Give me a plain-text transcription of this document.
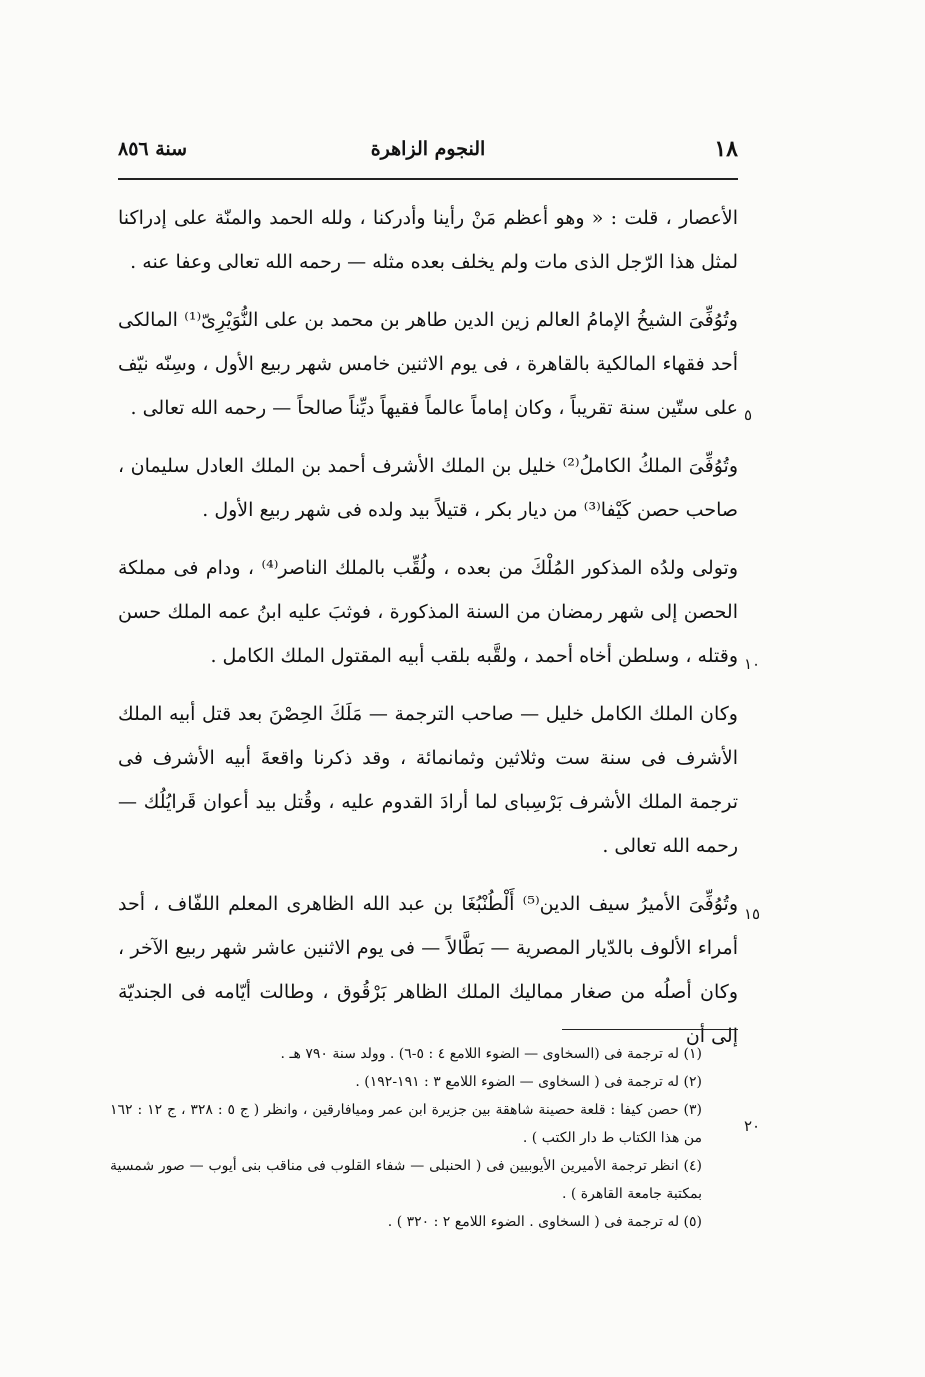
١٨
النجوم الزاهرة
سنة ٨٥٦
٥
١٠
١٥
٢٠

الأعصار ، قلت : « وهو أعظم مَنْ رأينا وأدركنا ، ولله الحمد والمنّة على إدراكنا لمثل هذا الرّجل الذى مات ولم يخلف بعده مثله — رحمه الله تعالى وعفا عنه .

وتُوُفِّىَ الشيخُ الإمامُ العالم زين الدين طاهر بن محمد بن على النُّوَيْرِىّ⁽¹⁾ المالكى أحد فقهاء المالكية بالقاهرة ، فى يوم الاثنين خامس شهر ربيع الأول ، وسِنّه نيّف على ستّين سنة تقريباً ، وكان إماماً عالماً فقيهاً ديِّناً صالحاً — رحمه الله تعالى .

وتُوُفِّىَ الملكُ الكاملُ⁽²⁾ خليل بن الملك الأشرف أحمد بن الملك العادل سليمان ، صاحب حصن كَيْفا⁽³⁾ من ديار بكر ، قتيلاً بيد ولده فى شهر ربيع الأول .

وتولى ولدُه المذكور المُلْكَ من بعده ، ولُقِّب بالملك الناصر⁽⁴⁾ ، ودام فى مملكة الحصن إلى شهر رمضان من السنة المذكورة ، فوثبَ عليه ابنُ عمه الملك حسن وقتله ، وسلطن أخاه أحمد ، ولقَّبه بلقب أبيه المقتول الملك الكامل .

وكان الملك الكامل خليل — صاحب الترجمة — مَلَكَ الحِصْنَ بعد قتل أبيه الملك الأشرف فى سنة ست وثلاثين وثمانمائة ، وقد ذكرنا واقعةَ أبيه الأشرف فى ترجمة الملك الأشرف بَرْسِباى لما أرادَ القدوم عليه ، وقُتل بيد أعوان قَرايُلُك — رحمه الله تعالى .

وتُوُفِّىَ الأميرُ سيف الدين⁽⁵⁾ أَلْطُنْبُغَا بن عبد الله الظاهرى المعلم اللفّاف ، أحد أمراء الألوف بالدّيار المصرية — بَطَّالاً — فى يوم الاثنين عاشر شهر ربيع الآخر ، وكان أصلُه من صغار مماليك الملك الظاهر بَرْقُوق ، وطالت أيّامه فى الجنديّة إلى أن

(١) له ترجمة فى (السخاوى — الضوء اللامع ٤ : ٥-٦) . وولد سنة ٧٩٠ هـ .

(٢) له ترجمة فى ( السخاوى — الضوء اللامع ٣ : ١٩١-١٩٢) .

(٣) حصن كيفا : قلعة حصينة شاهقة بين جزيرة ابن عمر وميافارقين ، وانظر ( ج ٥ : ٣٢٨ ، ج ١٢ : ١٦٢ من هذا الكتاب ط دار الكتب ) .

(٤) انظر ترجمة الأميرين الأيوبيين فى ( الحنبلى — شفاء القلوب فى مناقب بنى أيوب — صور شمسية بمكتبة جامعة القاهرة ) .

(٥) له ترجمة فى ( السخاوى . الضوء اللامع ٢ : ٣٢٠ ) .
